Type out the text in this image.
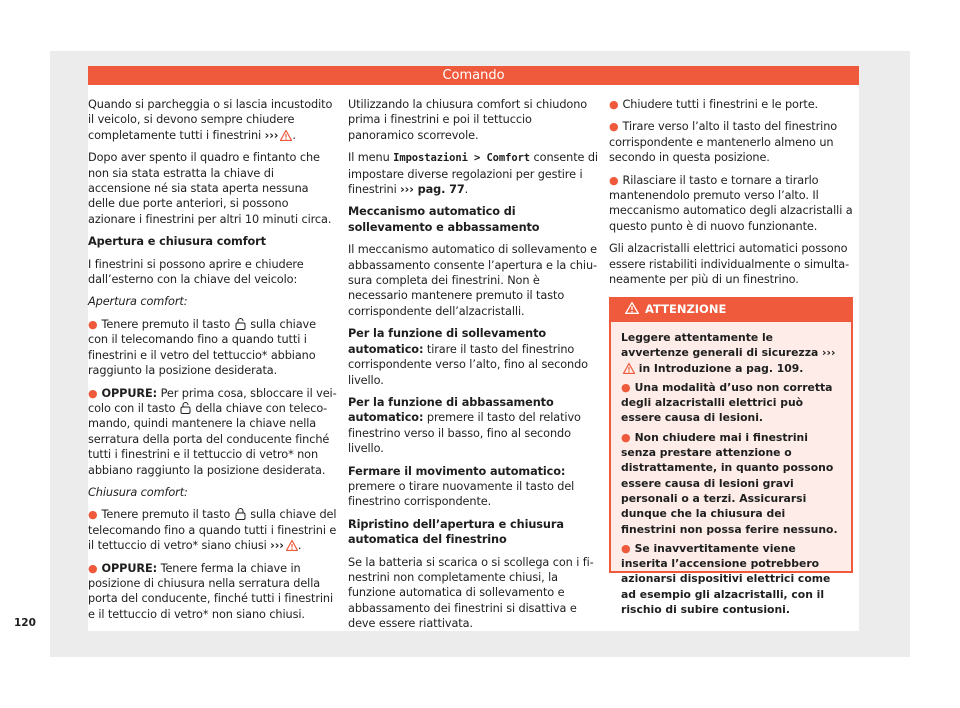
Comando

Quando si parcheggia o si lascia incustodito il veicolo, si devono sempre chiudere completamente tutti i finestrini ››› .

Dopo aver spento il quadro e fintanto che non sia stata estratta la chiave di accensione né sia stata aperta nessuna delle due porte anteriori, si possono azionare i finestrini per altri 10 minuti circa.

Apertura e chiusura comfort

I finestrini si possono aprire e chiudere dall’esterno con la chiave del veicolo:

Apertura comfort:

● Tenere premuto il tasto sulla chiave con il telecomando fino a quando tutti i finestrini e il vetro del tettuccio* abbiano raggiunto la posizione desiderata.

● OPPURE: Per prima cosa, sbloccare il veicolo con il tasto della chiave con telecomando, quindi mantenere la chiave nella serratura della porta del conducente finché tutti i finestrini e il tettuccio di vetro* non abbiano raggiunto la posizione desiderata.

Chiusura comfort:

● Tenere premuto il tasto sulla chiave del telecomando fino a quando tutti i finestrini e il tettuccio di vetro* siano chiusi ››› .

● OPPURE: Tenere ferma la chiave in posizione di chiusura nella serratura della porta del conducente, finché tutti i finestrini e il tettuccio di vetro* non siano chiusi.

Utilizzando la chiusura comfort si chiudono prima i finestrini e poi il tettuccio panoramico scorrevole.

Il menu Impostazioni > Comfort consente di impostare diverse regolazioni per gestire i finestrini ››› pag. 77.

Meccanismo automatico di sollevamento e abbassamento

Il meccanismo automatico di sollevamento e abbassamento consente l’apertura e la chiusura completa dei finestrini. Non è necessario mantenere premuto il tasto corrispondente dell’alzacristalli.

Per la funzione di sollevamento automatico: tirare il tasto del finestrino corrispondente verso l’alto, fino al secondo livello.

Per la funzione di abbassamento automatico: premere il tasto del relativo finestrino verso il basso, fino al secondo livello.

Fermare il movimento automatico: premere o tirare nuovamente il tasto del finestrino corrispondente.

Ripristino dell’apertura e chiusura automatica del finestrino

Se la batteria si scarica o si scollega con i finestrini non completamente chiusi, la funzione automatica di sollevamento e abbassamento dei finestrini si disattiva e deve essere riattivata.

● Chiudere tutti i finestrini e le porte.

● Tirare verso l’alto il tasto del finestrino corrispondente e mantenerlo almeno un secondo in questa posizione.

● Rilasciare il tasto e tornare a tirarlo mantenendolo premuto verso l’alto. Il meccanismo automatico degli alzacristalli a questo punto è di nuovo funzionante.

Gli alzacristalli elettrici automatici possono essere ristabiliti individualmente o simultaneamente per più di un finestrino.

ATTENZIONE

Leggere attentamente le avvertenze generali di sicurezza ›››  in Introduzione a pag. 109.

● Una modalità d’uso non corretta degli alzacristalli elettrici può essere causa di lesioni.

● Non chiudere mai i finestrini senza prestare attenzione o distrattamente, in quanto possono essere causa di lesioni gravi personali o a terzi. Assicurarsi dunque che la chiusura dei finestrini non possa ferire nessuno.

● Se inavvertitamente viene inserita l’accensione potrebbero azionarsi dispositivi elettrici come ad esempio gli alzacristalli, con il rischio di subire contusioni.

120
